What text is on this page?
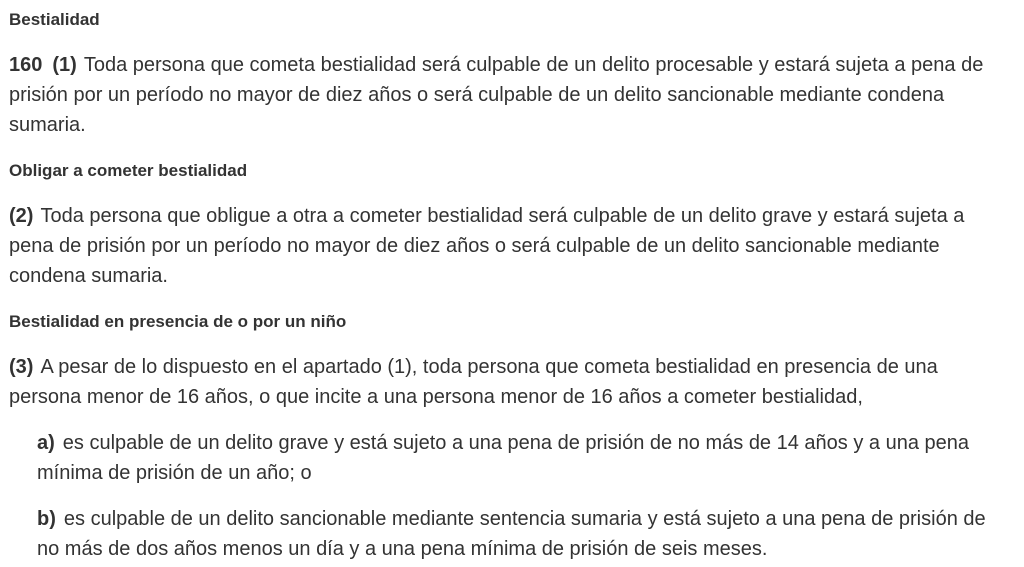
Bestialidad

160 (1) Toda persona que cometa bestialidad será culpable de un delito procesable y estará sujeta a pena de prisión por un período no mayor de diez años o será culpable de un delito sancionable mediante condena sumaria.

Obligar a cometer bestialidad

(2) Toda persona que obligue a otra a cometer bestialidad será culpable de un delito grave y estará sujeta a pena de prisión por un período no mayor de diez años o será culpable de un delito sancionable mediante condena sumaria.

Bestialidad en presencia de o por un niño

(3) A pesar de lo dispuesto en el apartado (1), toda persona que cometa bestialidad en presencia de una persona menor de 16 años, o que incite a una persona menor de 16 años a cometer bestialidad,

a) es culpable de un delito grave y está sujeto a una pena de prisión de no más de 14 años y a una pena mínima de prisión de un año; o

b) es culpable de un delito sancionable mediante sentencia sumaria y está sujeto a una pena de prisión de no más de dos años menos un día y a una pena mínima de prisión de seis meses.
